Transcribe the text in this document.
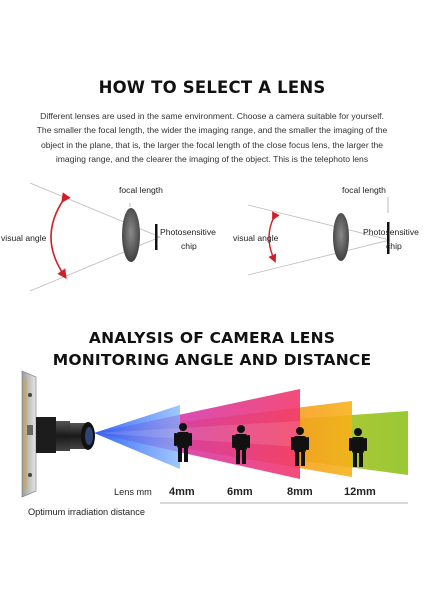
HOW TO SELECT A LENS
Different lenses are used in the same environment. Choose a camera suitable for yourself.
The smaller the focal length, the wider the imaging range, and the smaller the imaging of the
object in the plane, that is, the larger the focal length of the close focus lens, the larger the
imaging range, and the clearer the imaging of the object. This is the telephoto lens
focal length
visual angle
Photosensitive
chip
focal length
visual angle
Photosensitive
chip
ANALYSIS OF CAMERA LENS
MONITORING ANGLE AND DISTANCE
Lens mm 4mm	6mm	8mm	12mm
Optimum irradiation distance
